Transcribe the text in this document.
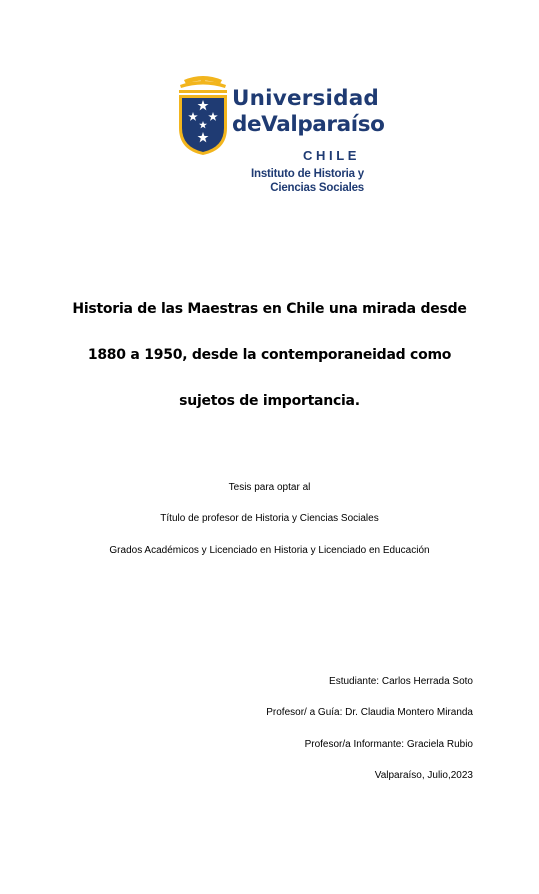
Universidad
deValparaíso
CHILE
Instituto de Historia y
Ciencias Sociales
Historia de las Maestras en Chile una mirada desde
1880 a 1950, desde la contemporaneidad como
sujetos de importancia.
Tesis para optar al
Título de profesor de Historia y Ciencias Sociales
Grados Académicos y Licenciado en Historia y Licenciado en Educación
Estudiante: Carlos Herrada Soto
Profesor/ a Guía: Dr. Claudia Montero Miranda
Profesor/a Informante: Graciela Rubio
Valparaíso, Julio,2023
